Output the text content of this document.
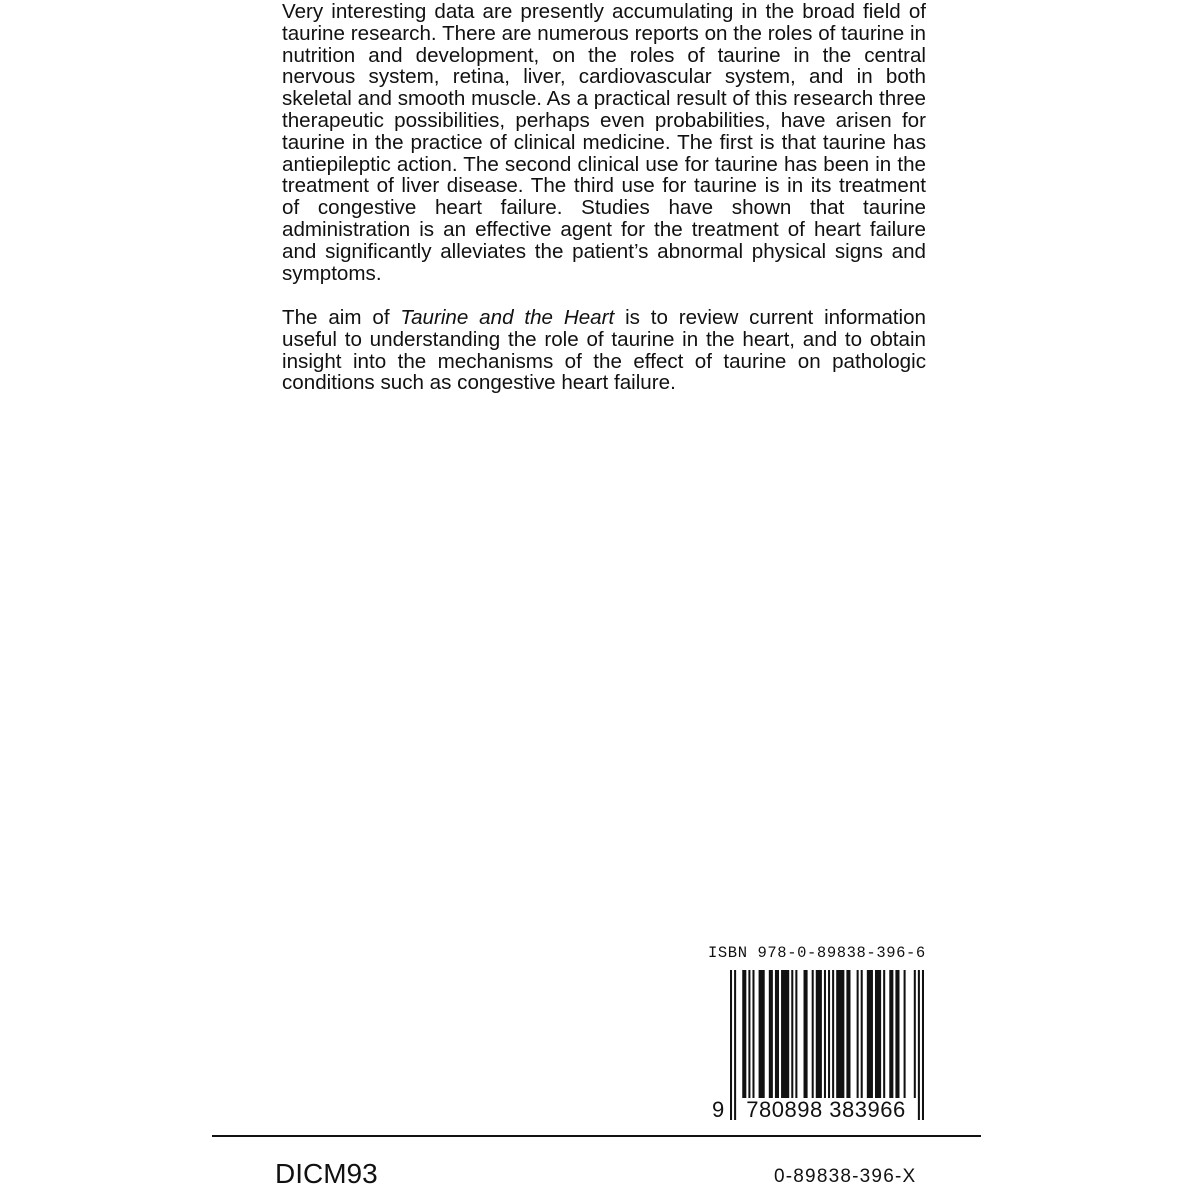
Very interesting data are presently accumulating in the broad field of taurine research. There are numerous reports on the roles of taurine in nutrition and development, on the roles of taurine in the central nervous system, retina, liver, cardiovascular system, and in both skeletal and smooth muscle. As a practical result of this research three therapeutic possibilities, perhaps even probabilities, have arisen for taurine in the practice of clinical medicine. The first is that taurine has antiepileptic action. The second clinical use for taurine has been in the treatment of liver disease. The third use for taurine is in its treatment of congestive heart failure. Studies have shown that taurine administration is an effective agent for the treatment of heart failure and significantly alleviates the patient’s abnormal physical signs and symptoms.
The aim of Taurine and the Heart is to review current information useful to understanding the role of taurine in the heart, and to obtain insight into the mechanisms of the effect of taurine on pathologic conditions such as congestive heart failure.
ISBN 978-0-89838-396-6
9	780898 383966
DICM93	0-89838-396-X
